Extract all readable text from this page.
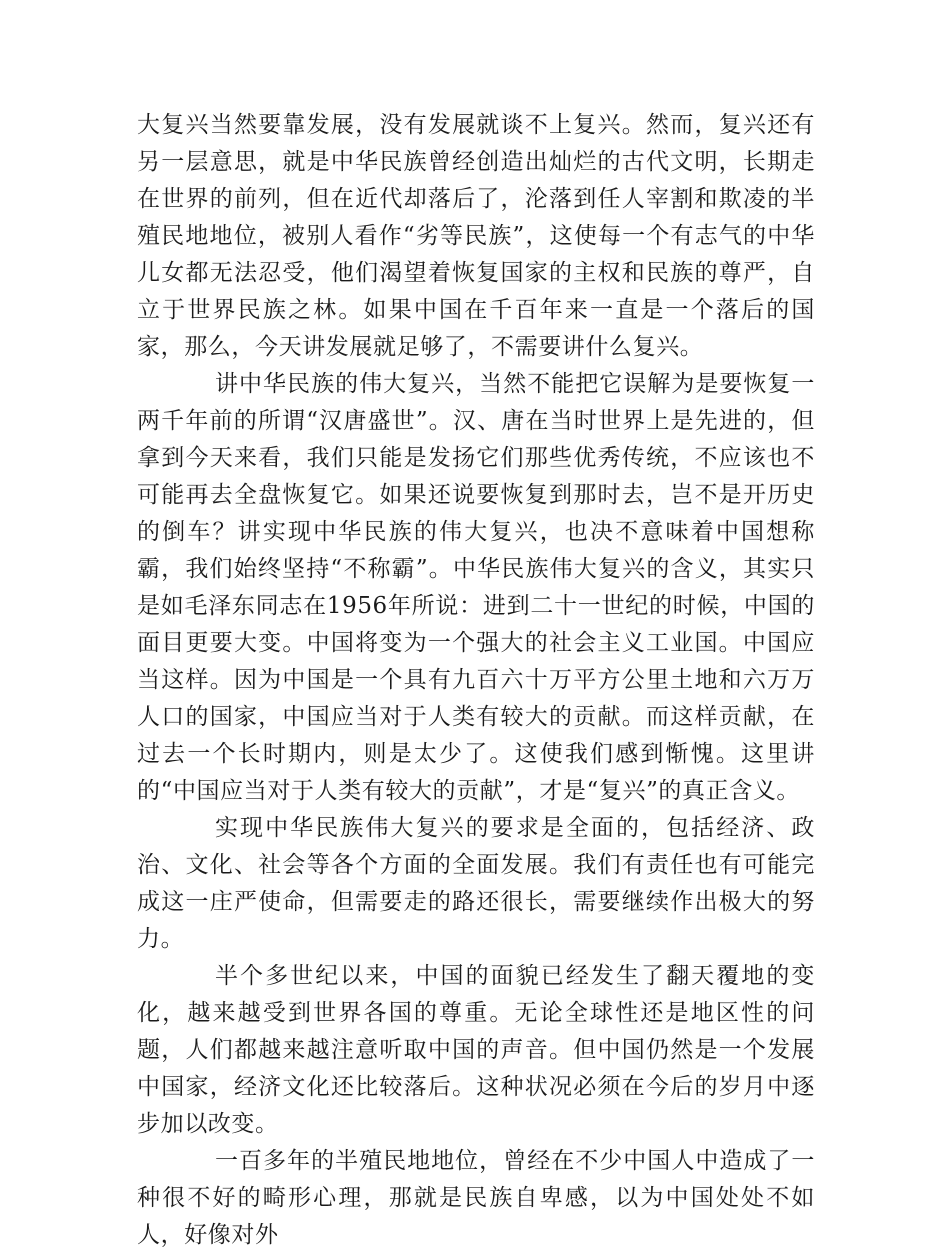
大复兴当然要靠发展，没有发展就谈不上复兴。然而，复兴还有另一层意思，就是中华民族曾经创造出灿烂的古代文明，长期走在世界的前列，但在近代却落后了，沦落到任人宰割和欺凌的半殖民地地位，被别人看作“劣等民族”，这使每一个有志气的中华儿女都无法忍受，他们渴望着恢复国家的主权和民族的尊严，自立于世界民族之林。如果中国在千百年来一直是一个落后的国家，那么，今天讲发展就足够了，不需要讲什么复兴。

讲中华民族的伟大复兴，当然不能把它误解为是要恢复一两千年前的所谓“汉唐盛世”。汉、唐在当时世界上是先进的，但拿到今天来看，我们只能是发扬它们那些优秀传统，不应该也不可能再去全盘恢复它。如果还说要恢复到那时去，岂不是开历史的倒车？讲实现中华民族的伟大复兴，也决不意味着中国想称霸，我们始终坚持“不称霸”。中华民族伟大复兴的含义，其实只是如毛泽东同志在1956年所说：进到二十一世纪的时候，中国的面目更要大变。中国将变为一个强大的社会主义工业国。中国应当这样。因为中国是一个具有九百六十万平方公里土地和六万万人口的国家，中国应当对于人类有较大的贡献。而这样贡献，在过去一个长时期内，则是太少了。这使我们感到惭愧。这里讲的“中国应当对于人类有较大的贡献”，才是“复兴”的真正含义。

实现中华民族伟大复兴的要求是全面的，包括经济、政治、文化、社会等各个方面的全面发展。我们有责任也有可能完成这一庄严使命，但需要走的路还很长，需要继续作出极大的努力。

半个多世纪以来，中国的面貌已经发生了翻天覆地的变化，越来越受到世界各国的尊重。无论全球性还是地区性的问题，人们都越来越注意听取中国的声音。但中国仍然是一个发展中国家，经济文化还比较落后。这种状况必须在今后的岁月中逐步加以改变。

一百多年的半殖民地地位，曾经在不少中国人中造成了一种很不好的畸形心理，那就是民族自卑感，以为中国处处不如人，好像对外
